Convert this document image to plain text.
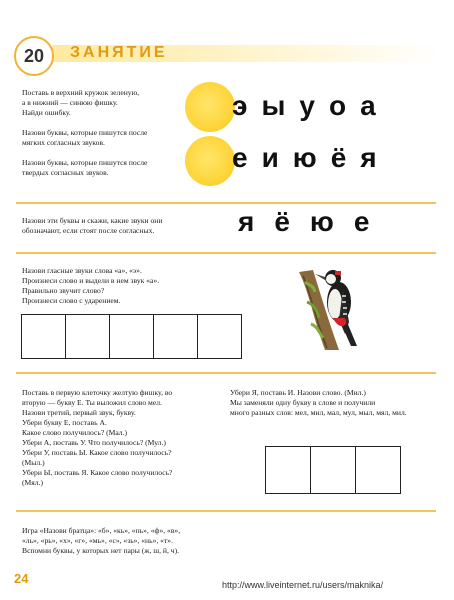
20	ЗАНЯТИЕ
Поставь в верхний кружок зеленую,
а в нижний — синюю фишку.
Найди ошибку.
Назови буквы, которые пишутся после
мягких согласных звуков.
Назови буквы, которые пишутся после
твердых согласных звуков.
э ы у о а
е и ю ё я
Назови эти буквы и скажи, какие звуки они
обозначают, если стоят после согласных.	я ё ю е
Назови гласные звуки слова «а», «э».
Произнеси слово и выдели в нем звук «а».
Правильно звучит слово?
Произнеси слово с ударением.
Поставь в первую клеточку желтую фишку, во
вторую — букву Е. Ты выложил слово мел.
Назови третий, первый звук, букву.
Убери букву Е, поставь А.
Какое слово получилось? (Мал.)
Убери А, поставь У. Что получилось? (Мул.)
Убери У, поставь Ы. Какое слово получилось?
(Мыл.)
Убери Ы, поставь Я. Какое слово получилось?
(Мял.)
Убери Я, поставь И. Назови слово. (Мил.)
Мы заменяли одну букву в слове и получили
много разных слов: мел, мил, мал, мул, мыл, мял, мил.
Игра «Назови братца»: «б», «кь», «пь», «ф», «в»,
«ль», «рь», «х», «г», «мь», «с», «зь», «нь», «т».
Вспомни буквы, у которых нет пары (ж, ш, й, ч).
24	http://www.liveinternet.ru/users/maknika/
